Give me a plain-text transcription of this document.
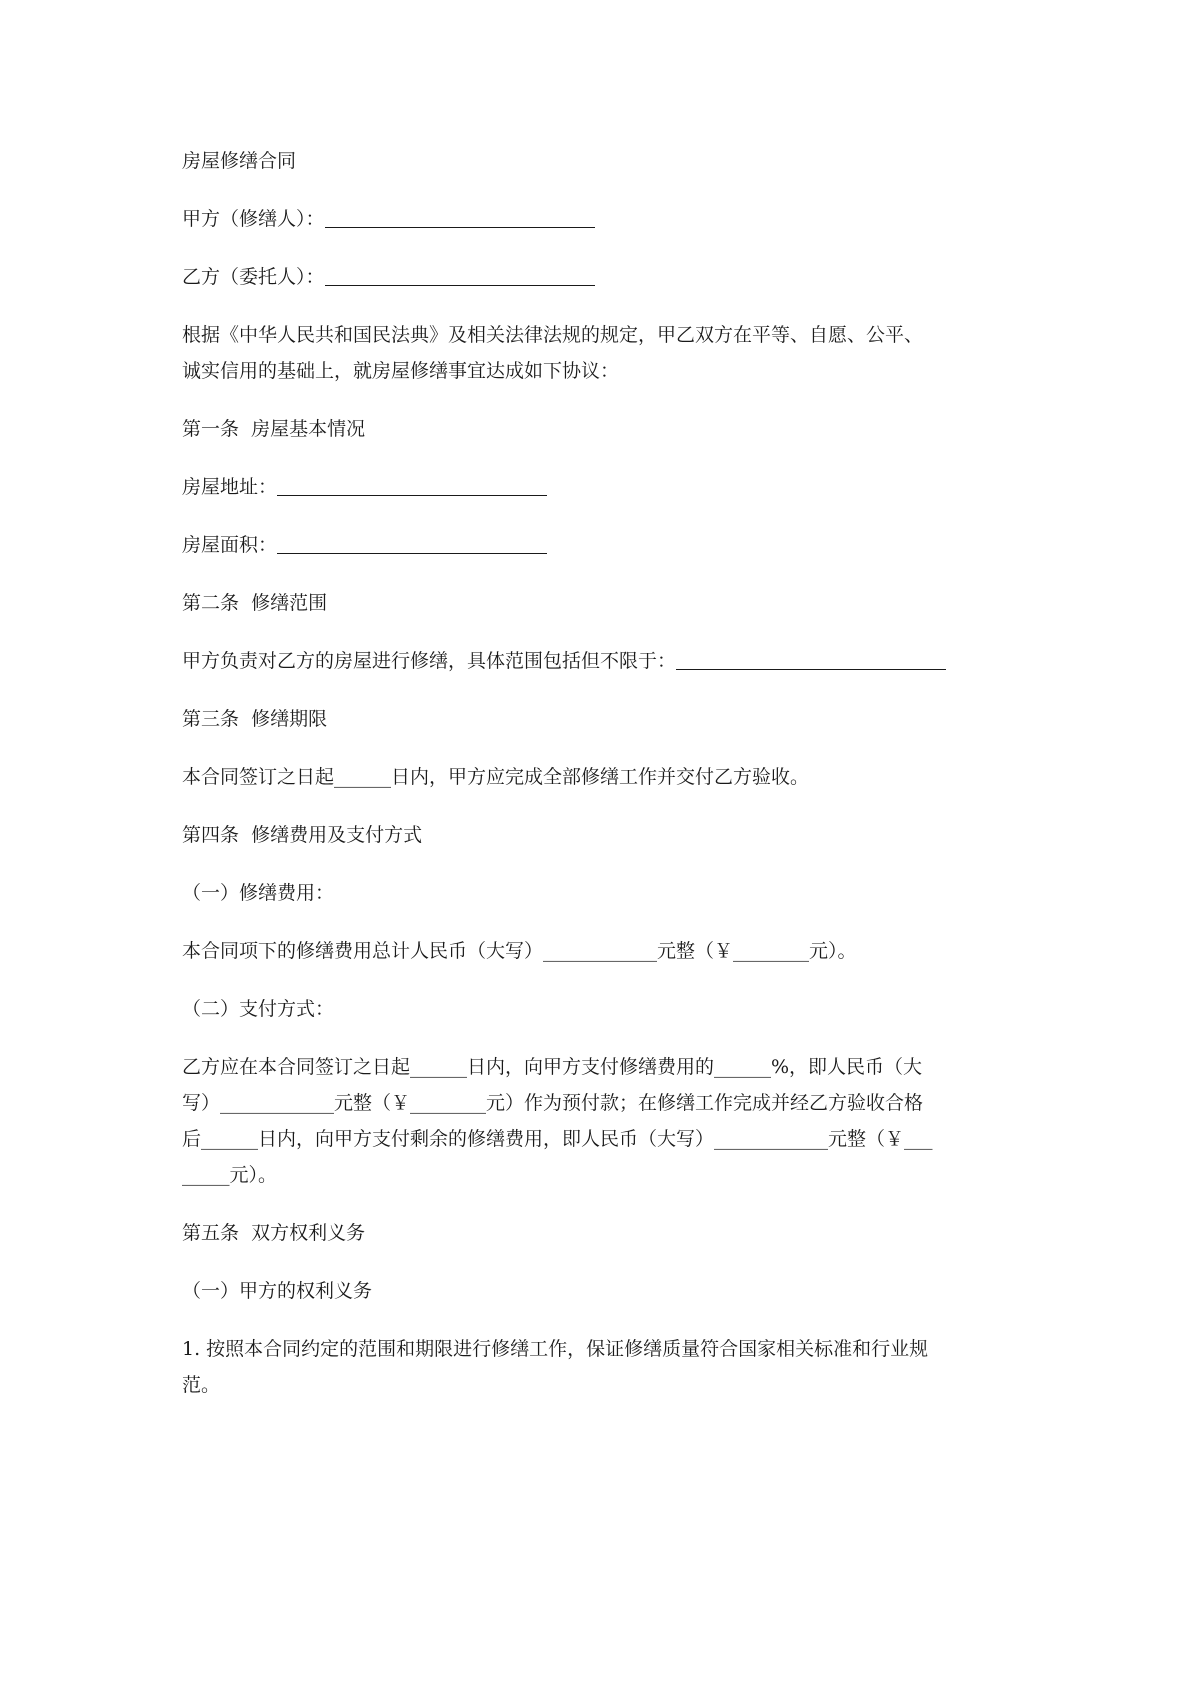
房屋修缮合同
甲方（修缮人）：
乙方（委托人）：
根据《中华人民共和国民法典》及相关法律法规的规定，甲乙双方在平等、自愿、公平、
诚实信用的基础上，就房屋修缮事宜达成如下协议：
第一条  房屋基本情况
房屋地址：
房屋面积：
第二条  修缮范围
甲方负责对乙方的房屋进行修缮，具体范围包括但不限于：
第三条  修缮期限
本合同签订之日起______日内，甲方应完成全部修缮工作并交付乙方验收。
第四条  修缮费用及支付方式
（一）修缮费用：
本合同项下的修缮费用总计人民币（大写）____________元整（￥________元）。
（二）支付方式：
乙方应在本合同签订之日起______日内，向甲方支付修缮费用的______%，即人民币（大
写）____________元整（￥________元）作为预付款；在修缮工作完成并经乙方验收合格
后______日内，向甲方支付剩余的修缮费用，即人民币（大写）____________元整（￥___
_____元）。
第五条  双方权利义务
（一）甲方的权利义务
1. 按照本合同约定的范围和期限进行修缮工作，保证修缮质量符合国家相关标准和行业规
范。
